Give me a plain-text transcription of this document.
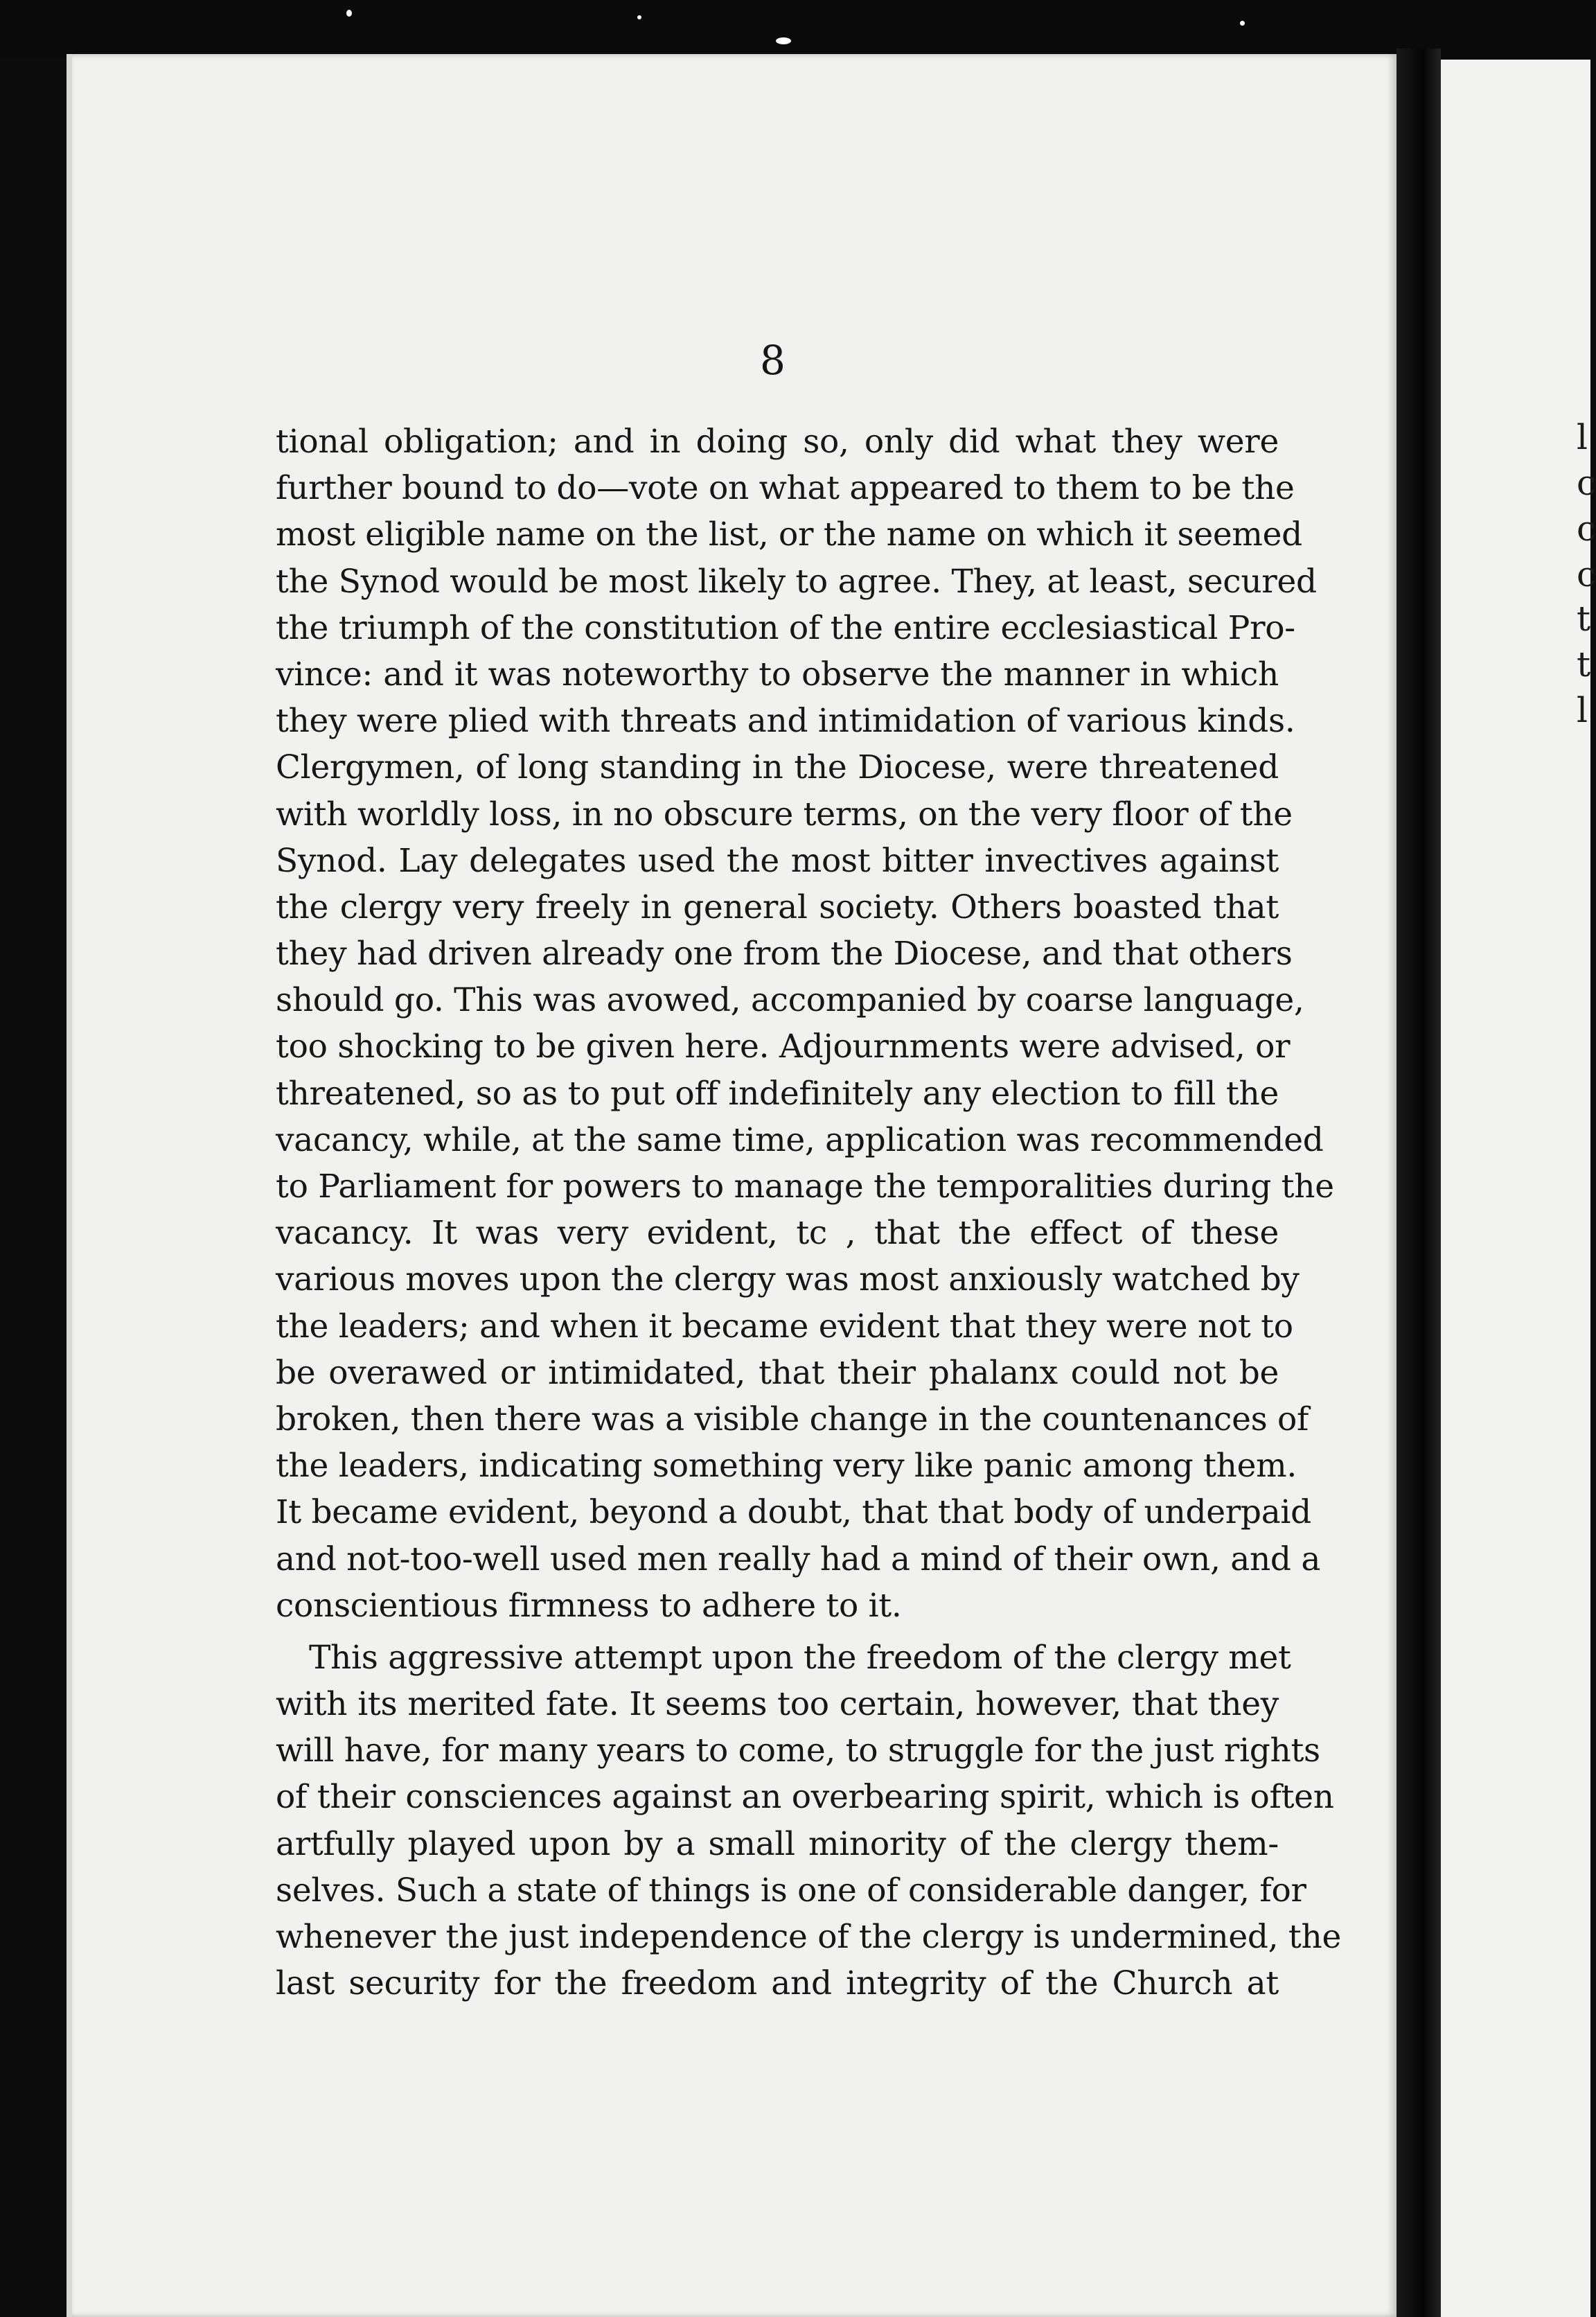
8
tional obligation; and in doing so, only did what they were
further bound to do—vote on what appeared to them to be the
most eligible name on the list, or the name on which it seemed
the Synod would be most likely to agree. They, at least, secured
the triumph of the constitution of the entire ecclesiastical Pro-
vince: and it was noteworthy to observe the manner in which
they were plied with threats and intimidation of various kinds.
Clergymen, of long standing in the Diocese, were threatened
with worldly loss, in no obscure terms, on the very floor of the
Synod. Lay delegates used the most bitter invectives against
the clergy very freely in general society. Others boasted that
they had driven already one from the Diocese, and that others
should go. This was avowed, accompanied by coarse language,
too shocking to be given here. Adjournments were advised, or
threatened, so as to put off indefinitely any election to fill the
vacancy, while, at the same time, application was recommended
to Parliament for powers to manage the temporalities during the
vacancy. It was very evident, tc , that the effect of these
various moves upon the clergy was most anxiously watched by
the leaders; and when it became evident that they were not to
be overawed or intimidated, that their phalanx could not be
broken, then there was a visible change in the countenances of
the leaders, indicating something very like panic among them.
It became evident, beyond a doubt, that that body of underpaid
and not-too-well used men really had a mind of their own, and a
conscientious firmness to adhere to it.
This aggressive attempt upon the freedom of the clergy met
with its merited fate. It seems too certain, however, that they
will have, for many years to come, to struggle for the just rights
of their consciences against an overbearing spirit, which is often
artfully played upon by a small minority of the clergy them-
selves. Such a state of things is one of considerable danger, for
whenever the just independence of the clergy is undermined, the
last security for the freedom and integrity of the Church at
l
c
c
c
t
t
l
